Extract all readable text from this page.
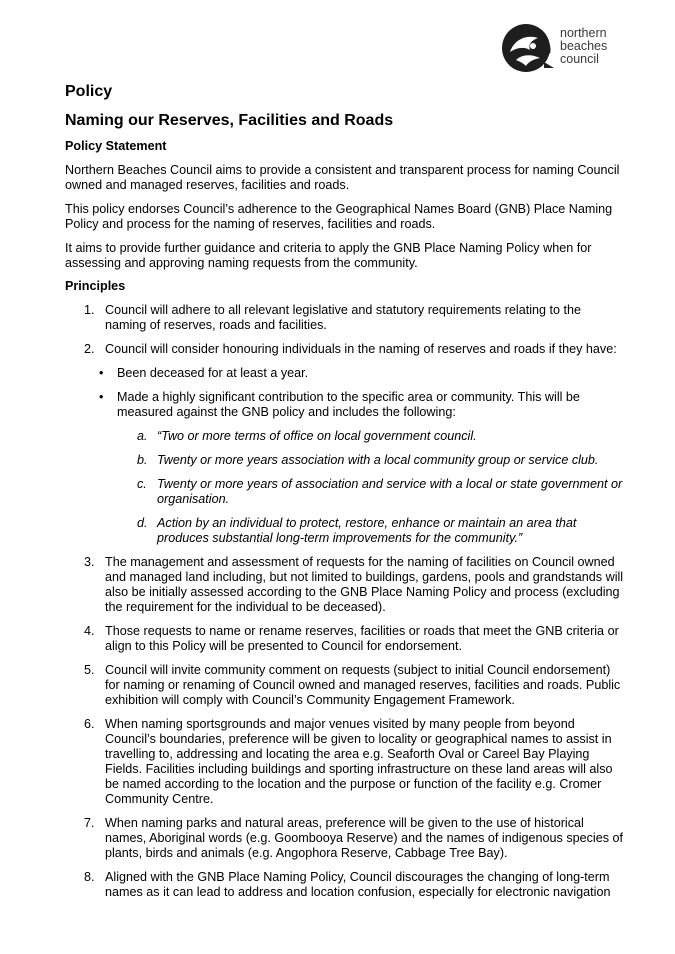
northern
beaches
council
Policy
Naming our Reserves, Facilities and Roads
Policy Statement

Northern Beaches Council aims to provide a consistent and transparent process for naming Council owned and managed reserves, facilities and roads.

This policy endorses Council’s adherence to the Geographical Names Board (GNB) Place Naming Policy and process for the naming of reserves, facilities and roads.

It aims to provide further guidance and criteria to apply the GNB Place Naming Policy when for assessing and approving naming requests from the community.

Principles
1. Council will adhere to all relevant legislative and statutory requirements relating to the naming of reserves, roads and facilities.
2. Council will consider honouring individuals in the naming of reserves and roads if they have:
• Been deceased for at least a year.
• Made a highly significant contribution to the specific area or community. This will be measured against the GNB policy and includes the following:
a. “Two or more terms of office on local government council.
b. Twenty or more years association with a local community group or service club.
c. Twenty or more years of association and service with a local or state government or organisation.
d. Action by an individual to protect, restore, enhance or maintain an area that produces substantial long-term improvements for the community.”
3. The management and assessment of requests for the naming of facilities on Council owned and managed land including, but not limited to buildings, gardens, pools and grandstands will also be initially assessed according to the GNB Place Naming Policy and process (excluding the requirement for the individual to be deceased).
4. Those requests to name or rename reserves, facilities or roads that meet the GNB criteria or align to this Policy will be presented to Council for endorsement.
5. Council will invite community comment on requests (subject to initial Council endorsement) for naming or renaming of Council owned and managed reserves, facilities and roads. Public exhibition will comply with Council’s Community Engagement Framework.
6. When naming sportsgrounds and major venues visited by many people from beyond Council’s boundaries, preference will be given to locality or geographical names to assist in travelling to, addressing and locating the area e.g. Seaforth Oval or Careel Bay Playing Fields. Facilities including buildings and sporting infrastructure on these land areas will also be named according to the location and the purpose or function of the facility e.g. Cromer Community Centre.
7. When naming parks and natural areas, preference will be given to the use of historical names, Aboriginal words (e.g. Goombooya Reserve) and the names of indigenous species of plants, birds and animals (e.g. Angophora Reserve, Cabbage Tree Bay).
8. Aligned with the GNB Place Naming Policy, Council discourages the changing of long-term names as it can lead to address and location confusion, especially for electronic navigation
